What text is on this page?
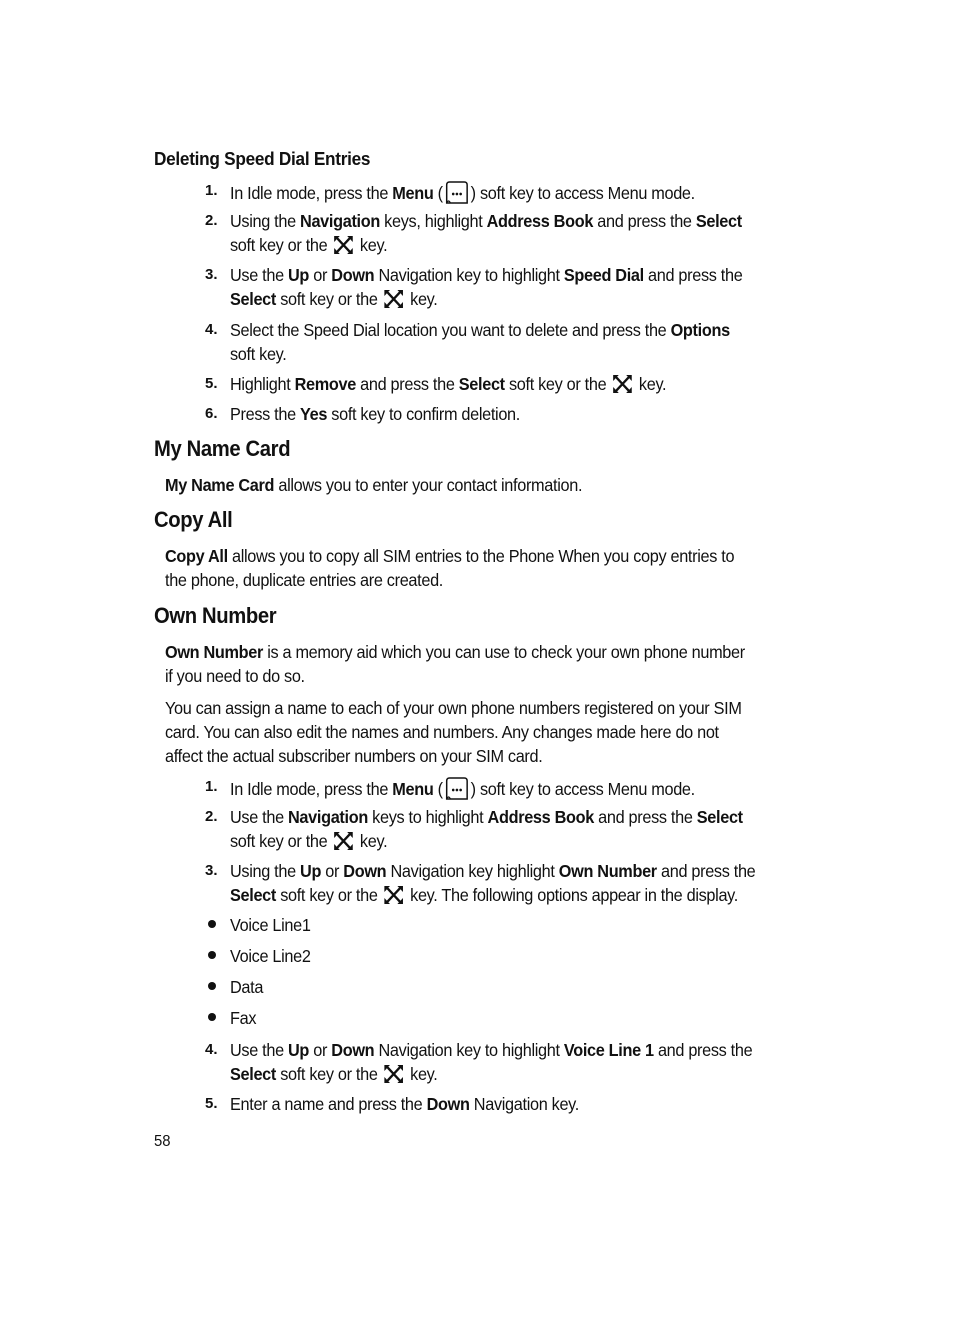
Deleting Speed Dial Entries
1. In Idle mode, press the Menu ( ) soft key to access Menu mode.
2. Using the Navigation keys, highlight Address Book and press the Select
soft key or the
key.
3. Use the Up or Down Navigation key to highlight Speed Dial and press the
Select soft key or the
key.
4. Select the Speed Dial location you want to delete and press the Options
soft key.
5. Highlight Remove and press the Select soft key or the
key.
6. Press the Yes soft key to confirm deletion.
My Name Card
My Name Card allows you to enter your contact information.
Copy All
Copy All allows you to copy all SIM entries to the Phone When you copy entries to
the phone, duplicate entries are created.
Own Number
Own Number is a memory aid which you can use to check your own phone number
if you need to do so.
You can assign a name to each of your own phone numbers registered on your SIM
card. You can also edit the names and numbers. Any changes made here do not
affect the actual subscriber numbers on your SIM card.
1. In Idle mode, press the Menu ( ) soft key to access Menu mode.
2. Use the Navigation keys to highlight Address Book and press the Select
soft key or the
key.
3. Using the Up or Down Navigation key highlight Own Number and press the
Select soft key or the
key. The following options appear in the display.
Voice Line1
Voice Line2
Data
Fax
4. Use the Up or Down Navigation key to highlight Voice Line 1 and press the
Select soft key or the
key.
5. Enter a name and press the Down Navigation key.
58
